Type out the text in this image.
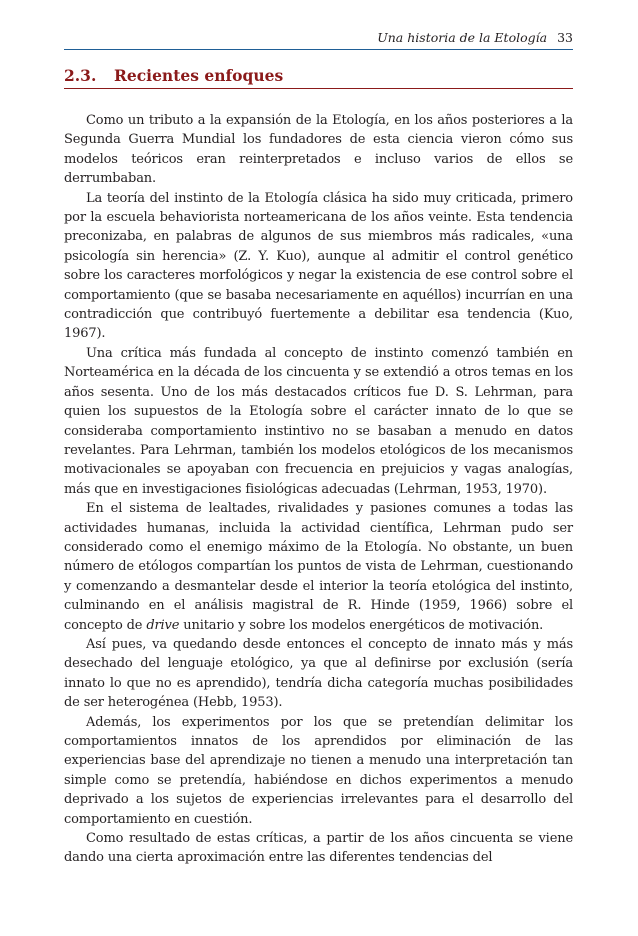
Una historia de la Etología 33
2.3. Recientes enfoques

Como un tributo a la expansión de la Etología, en los años posteriores a la Segunda Guerra Mundial los fundadores de esta ciencia vieron cómo sus modelos teóricos eran reinterpretados e incluso varios de ellos se derrumbaban.

La teoría del instinto de la Etología clásica ha sido muy criticada, primero por la escuela behaviorista norteamericana de los años veinte. Esta tendencia preconizaba, en palabras de algunos de sus miembros más radicales, «una psicología sin herencia» (Z. Y. Kuo), aunque al admitir el control genético sobre los caracteres morfológicos y negar la existencia de ese control sobre el comportamiento (que se basaba necesariamente en aquéllos) incurrían en una contradicción que contribuyó fuertemente a debilitar esa tendencia (Kuo, 1967).

Una crítica más fundada al concepto de instinto comenzó también en Norteamérica en la década de los cincuenta y se extendió a otros temas en los años sesenta. Uno de los más destacados críticos fue D. S. Lehrman, para quien los supuestos de la Etología sobre el carácter innato de lo que se consideraba comportamiento instintivo no se basaban a menudo en datos revelantes. Para Lehrman, también los modelos etológicos de los mecanismos motivacionales se apoyaban con frecuencia en prejuicios y vagas analogías, más que en investigaciones fisiológicas adecuadas (Lehrman, 1953, 1970).

En el sistema de lealtades, rivalidades y pasiones comunes a todas las actividades humanas, incluida la actividad científica, Lehrman pudo ser considerado como el enemigo máximo de la Etología. No obstante, un buen número de etólogos compartían los puntos de vista de Lehrman, cuestionando y comenzando a desmantelar desde el interior la teoría etológica del instinto, culminando en el análisis magistral de R. Hinde (1959, 1966) sobre el concepto de drive unitario y sobre los modelos energéticos de motivación.

Así pues, va quedando desde entonces el concepto de innato más y más desechado del lenguaje etológico, ya que al definirse por exclusión (sería innato lo que no es aprendido), tendría dicha categoría muchas posibilidades de ser heterogénea (Hebb, 1953).

Además, los experimentos por los que se pretendían delimitar los comportamientos innatos de los aprendidos por eliminación de las experiencias base del aprendizaje no tienen a menudo una interpretación tan simple como se pretendía, habiéndose en dichos experimentos a menudo deprivado a los sujetos de experiencias irrelevantes para el desarrollo del comportamiento en cuestión.

Como resultado de estas críticas, a partir de los años cincuenta se viene dando una cierta aproximación entre las diferentes tendencias del
